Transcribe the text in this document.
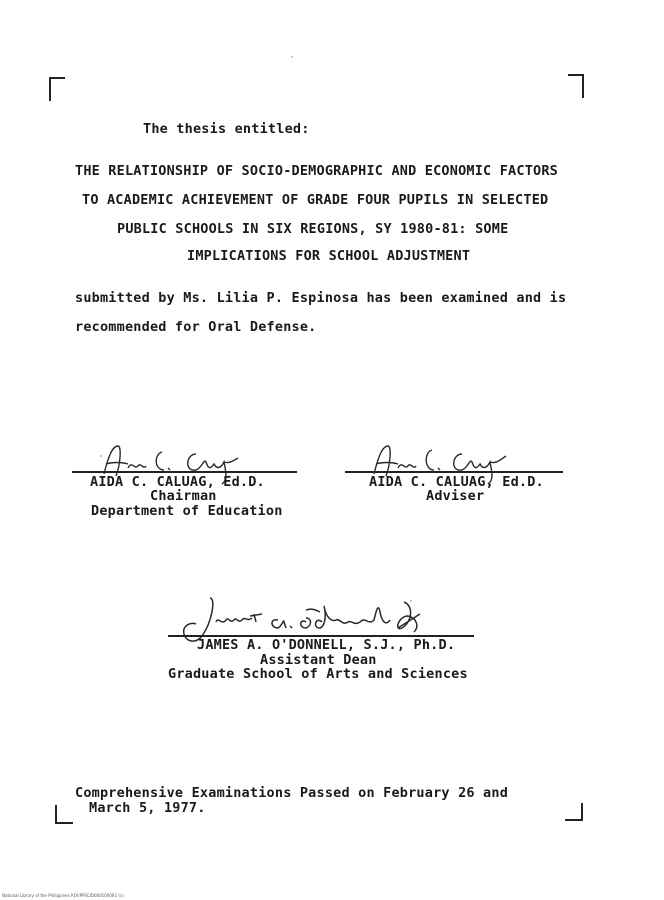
The thesis entitled:
THE RELATIONSHIP OF SOCIO-DEMOGRAPHIC AND ECONOMIC FACTORS
TO ACADEMIC ACHIEVEMENT OF GRADE FOUR PUPILS IN SELECTED
PUBLIC SCHOOLS IN SIX REGIONS, SY 1980-81: SOME
IMPLICATIONS FOR SCHOOL ADJUSTMENT
submitted by Ms. Lilia P. Espinosa has been examined and is
recommended for Oral Defense.
AIDA C. CALUAG, Ed.D.
Chairman
Department of Education
AIDA C. CALUAG, Ed.D.
Adviser
JAMES A. O'DONNELL, S.J., Ph.D.
Assistant Dean
Graduate School of Arts and Sciences
Comprehensive Examinations Passed on February 26 and
March 5, 1977.
National Library of the Philippines ROVPPSCID0001000R1 (c)
